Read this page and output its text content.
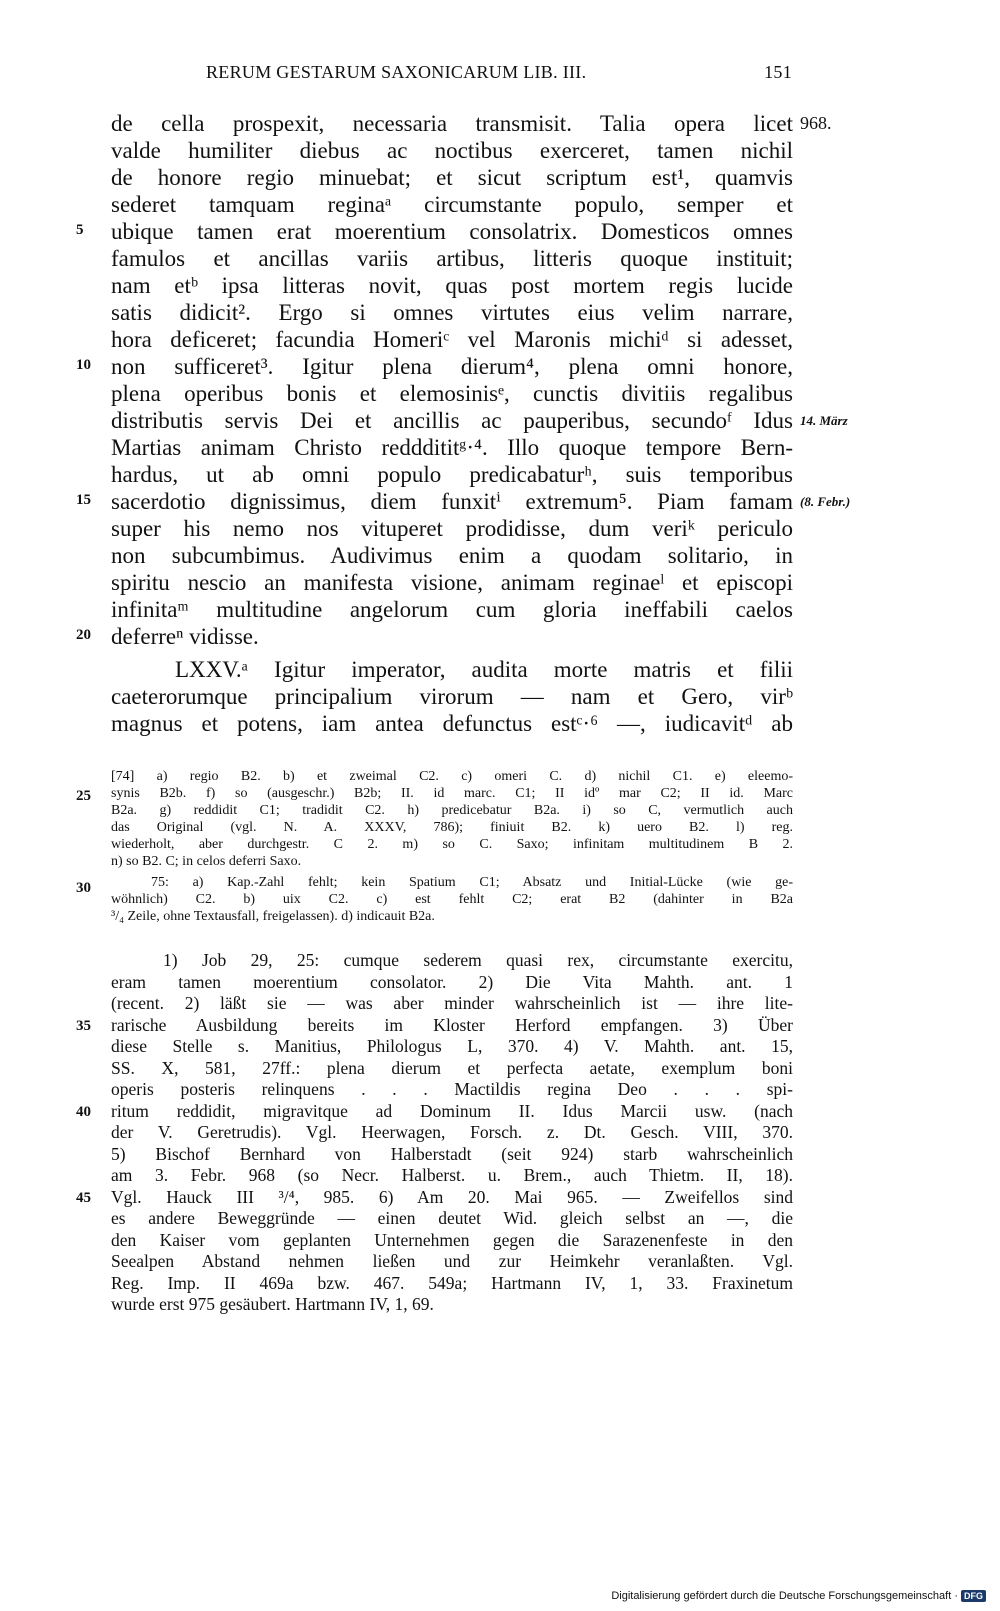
RERUM GESTARUM SAXONICARUM LIB. III.	151
de cella prospexit, necessaria transmisit. Talia opera licet
valde humiliter diebus ac noctibus exerceret, tamen nichil
de honore regio minuebat; et sicut scriptum est¹, quamvis
sederet tamquam reginaᵃ circumstante populo, semper et
ubique tamen erat moerentium consolatrix. Domesticos omnes
famulos et ancillas variis artibus, litteris quoque instituit;
nam etᵇ ipsa litteras novit, quas post mortem regis lucide
satis didicit². Ergo si omnes virtutes eius velim narrare,
hora deficeret; facundia Homeriᶜ vel Maronis michiᵈ si adesset,
non sufficeret³. Igitur plena dierum⁴, plena omni honore,
plena operibus bonis et elemosinisᵉ, cunctis divitiis regalibus
distributis servis Dei et ancillis ac pauperibus, secundoᶠ Idus
Martias animam Christo redddititᵍ·⁴. Illo quoque tempore Bern-
hardus, ut ab omni populo predicabaturʰ, suis temporibus
sacerdotio dignissimus, diem funxitⁱ extremum⁵. Piam famam
super his nemo nos vituperet prodidisse, dum veriᵏ periculo
non subcumbimus. Audivimus enim a quodam solitario, in
spiritu nescio an manifesta visione, animam reginaeˡ et episcopi
infinitaᵐ multitudine angelorum cum gloria ineffabili caelos
deferreⁿ vidisse.
LXXV.ᵃ Igitur imperator, audita morte matris et filii
caeterorumque principalium virorum — nam et Gero, virᵇ
magnus et potens, iam antea defunctus estᶜ·⁶ —, iudicavitᵈ ab
5
10
15
20
968.
14. März
(8. Febr.)
[74] a) regio B2. b) et zweimal C2. c) omeri C. d) nichil C1. e) eleemo-
synis B2b. f) so (ausgeschr.) B2b; II. id marc. C1; II idº mar C2; II id. Marc
B2a. g) reddidit C1; tradidit C2. h) predicebatur B2a. i) so C, vermutlich auch
das Original (vgl. N. A. XXXV, 786); finiuit B2. k) uero B2. l) reg.
wiederholt, aber durchgestr. C 2. m) so C. Saxo; infinitam multitudinem B 2.
n) so B2. C; in celos deferri Saxo.
75: a) Kap.-Zahl fehlt; kein Spatium C1; Absatz und Initial-Lücke (wie ge-
wöhnlich) C2. b) uix C2. c) est fehlt C2; erat B2 (dahinter in B2a
³/₄ Zeile, ohne Textausfall, freigelassen). d) indicauit B2a.
25
30
1) Job 29, 25: cumque sederem quasi rex, circumstante exercitu,
eram tamen moerentium consolator. 2) Die Vita Mahth. ant. 1
(recent. 2) läßt sie — was aber minder wahrscheinlich ist — ihre lite-
rarische Ausbildung bereits im Kloster Herford empfangen. 3) Über
diese Stelle s. Manitius, Philologus L, 370. 4) V. Mahth. ant. 15,
SS. X, 581, 27ff.: plena dierum et perfecta aetate, exemplum boni
operis posteris relinquens . . . Mactildis regina Deo . . . spi-
ritum reddidit, migravitque ad Dominum II. Idus Marcii usw. (nach
der V. Geretrudis). Vgl. Heerwagen, Forsch. z. Dt. Gesch. VIII, 370.
5) Bischof Bernhard von Halberstadt (seit 924) starb wahrscheinlich
am 3. Febr. 968 (so Necr. Halberst. u. Brem., auch Thietm. II, 18).
Vgl. Hauck III ³/⁴, 985. 6) Am 20. Mai 965. — Zweifellos sind
es andere Beweggründe — einen deutet Wid. gleich selbst an —, die
den Kaiser vom geplanten Unternehmen gegen die Sarazenenfeste in den
Seealpen Abstand nehmen ließen und zur Heimkehr veranlaßten. Vgl.
Reg. Imp. II 469a bzw. 467. 549a; Hartmann IV, 1, 33. Fraxinetum
wurde erst 975 gesäubert. Hartmann IV, 1, 69.
35
40
45
Digitalisierung gefördert durch die Deutsche Forschungsgemeinschaft · DFG
